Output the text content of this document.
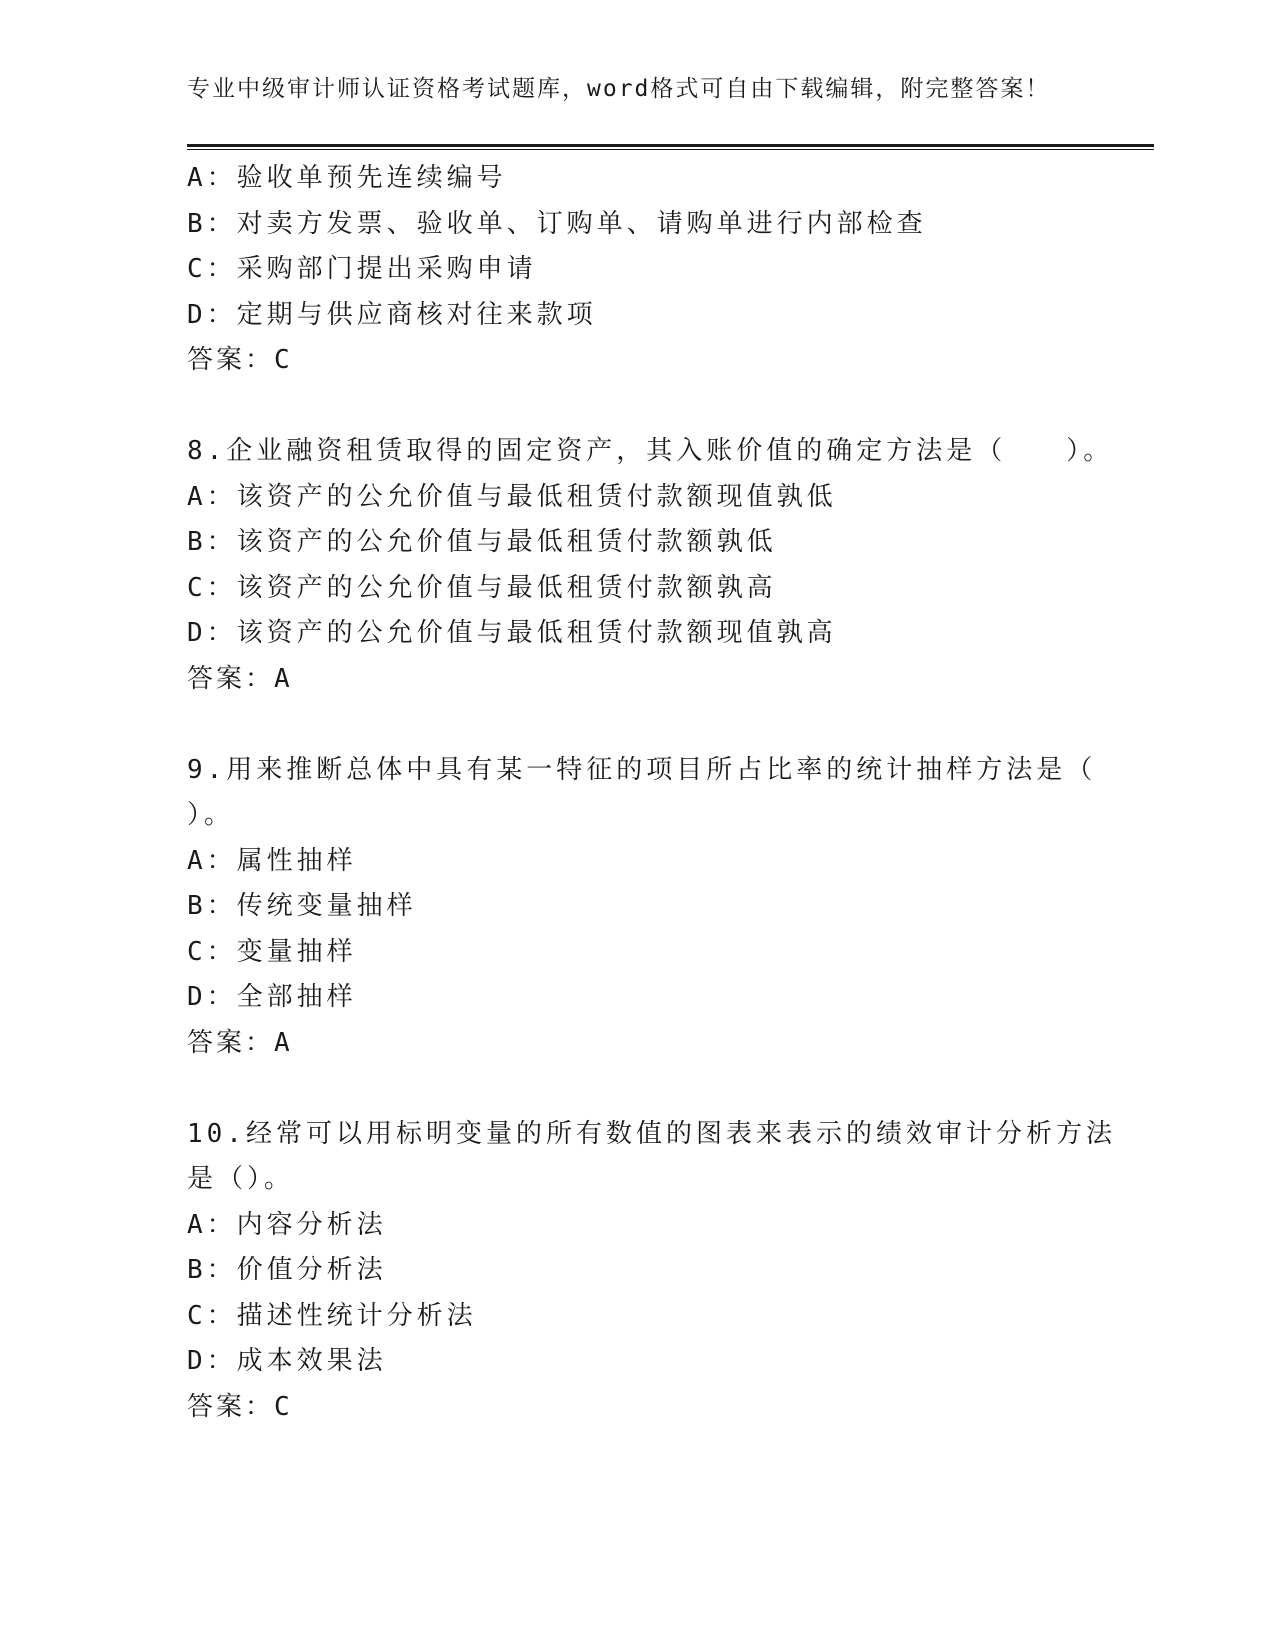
专业中级审计师认证资格考试题库，word格式可自由下载编辑，附完整答案！
A：验收单预先连续编号
B：对卖方发票、验收单、订购单、请购单进行内部检查
C：采购部门提出采购申请
D：定期与供应商核对往来款项
答案：C
8.企业融资租赁取得的固定资产，其入账价值的确定方法是（　　）。
A：该资产的公允价值与最低租赁付款额现值孰低
B：该资产的公允价值与最低租赁付款额孰低
C：该资产的公允价值与最低租赁付款额孰高
D：该资产的公允价值与最低租赁付款额现值孰高
答案：A
9.用来推断总体中具有某一特征的项目所占比率的统计抽样方法是（
）。
A：属性抽样
B：传统变量抽样
C：变量抽样
D：全部抽样
答案：A
10.经常可以用标明变量的所有数值的图表来表示的绩效审计分析方法
是（）。
A：内容分析法
B：价值分析法
C：描述性统计分析法
D：成本效果法
答案：C
